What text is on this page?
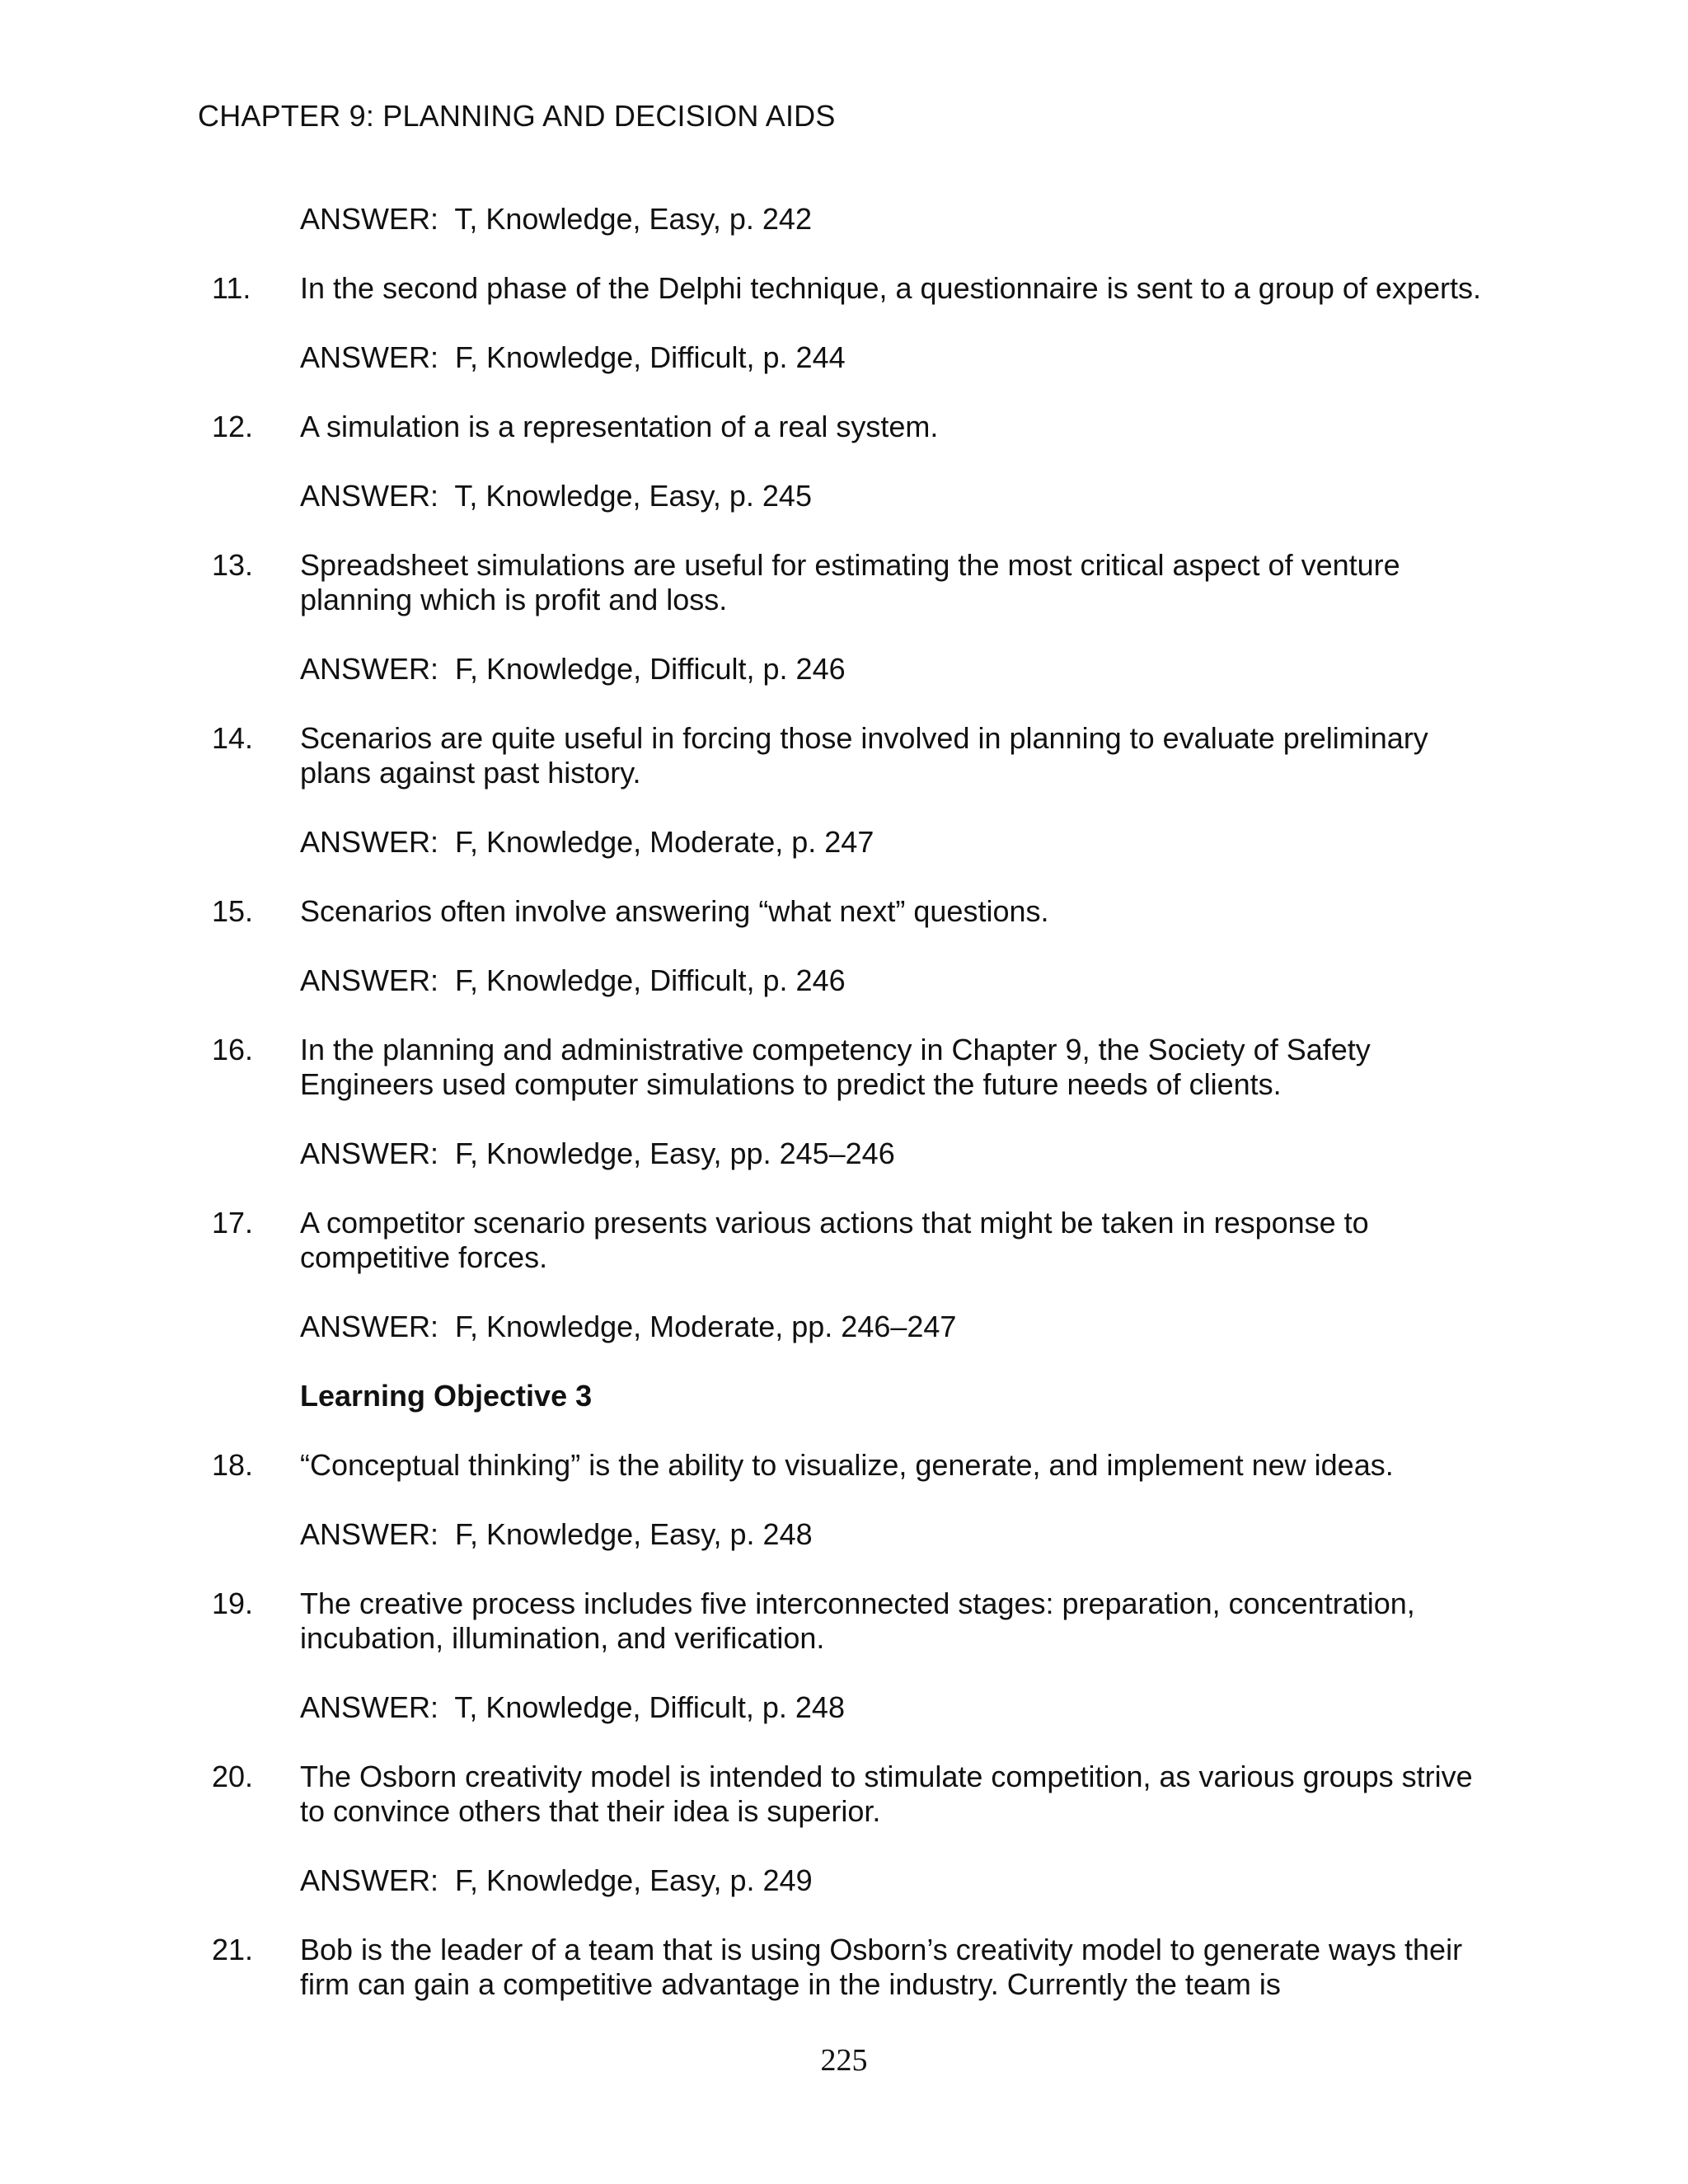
CHAPTER 9: PLANNING AND DECISION AIDS

ANSWER:  T, Knowledge, Easy, p. 242

11.	In the second phase of the Delphi technique, a questionnaire is sent to a group of experts.

ANSWER:  F, Knowledge, Difficult, p. 244

12.	A simulation is a representation of a real system.

ANSWER:  T, Knowledge, Easy, p. 245

13.	Spreadsheet simulations are useful for estimating the most critical aspect of venture planning which is profit and loss.

ANSWER:  F, Knowledge, Difficult, p. 246

14.	Scenarios are quite useful in forcing those involved in planning to evaluate preliminary plans against past history.

ANSWER:  F, Knowledge, Moderate, p. 247

15.	Scenarios often involve answering “what next” questions.

ANSWER:  F, Knowledge, Difficult, p. 246

16.	In the planning and administrative competency in Chapter 9, the Society of Safety Engineers used computer simulations to predict the future needs of clients.

ANSWER:  F, Knowledge, Easy, pp. 245–246

17.	A competitor scenario presents various actions that might be taken in response to competitive forces.

ANSWER:  F, Knowledge, Moderate, pp. 246–247

Learning Objective 3

18.	“Conceptual thinking” is the ability to visualize, generate, and implement new ideas.

ANSWER:  F, Knowledge, Easy, p. 248

19.	The creative process includes five interconnected stages: preparation, concentration, incubation, illumination, and verification.

ANSWER:  T, Knowledge, Difficult, p. 248

20.	The Osborn creativity model is intended to stimulate competition, as various groups strive to convince others that their idea is superior.

ANSWER:  F, Knowledge, Easy, p. 249

21.	Bob is the leader of a team that is using Osborn’s creativity model to generate ways their firm can gain a competitive advantage in the industry. Currently the team is
225
